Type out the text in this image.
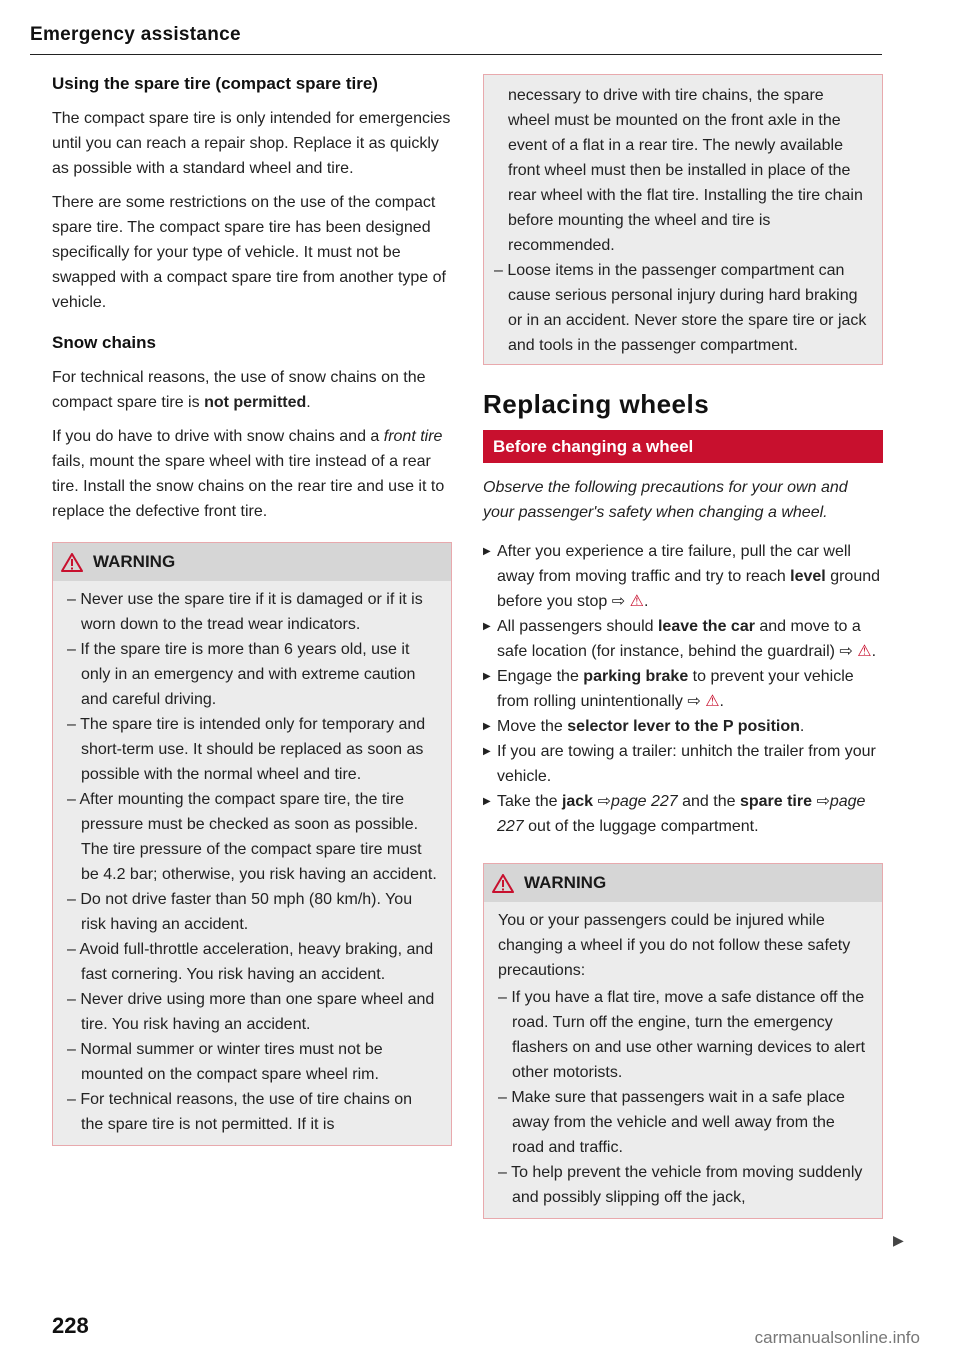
Emergency assistance
Using the spare tire (compact spare tire)

The compact spare tire is only intended for emergencies until you can reach a repair shop. Replace it as quickly as possible with a standard wheel and tire.

There are some restrictions on the use of the compact spare tire. The compact spare tire has been designed specifically for your type of vehicle. It must not be swapped with a compact spare tire from another type of vehicle.

Snow chains

For technical reasons, the use of snow chains on the compact spare tire is not permitted.

If you do have to drive with snow chains and a front tire fails, mount the spare wheel with tire instead of a rear tire. Install the snow chains on the rear tire and use it to replace the defective front tire.

WARNING
– Never use the spare tire if it is damaged or if it is worn down to the tread wear indicators.
– If the spare tire is more than 6 years old, use it only in an emergency and with extreme caution and careful driving.
– The spare tire is intended only for temporary and short-term use. It should be replaced as soon as possible with the normal wheel and tire.
– After mounting the compact spare tire, the tire pressure must be checked as soon as possible. The tire pressure of the compact spare tire must be 4.2 bar; otherwise, you risk having an accident.
– Do not drive faster than 50 mph (80 km/h). You risk having an accident.
– Avoid full-throttle acceleration, heavy braking, and fast cornering. You risk having an accident.
– Never drive using more than one spare wheel and tire. You risk having an accident.
– Normal summer or winter tires must not be mounted on the compact spare wheel rim.
– For technical reasons, the use of tire chains on the spare tire is not permitted. If it is

necessary to drive with tire chains, the spare wheel must be mounted on the front axle in the event of a flat in a rear tire. The newly available front wheel must then be installed in place of the rear wheel with the flat tire. Installing the tire chain before mounting the wheel and tire is recommended.

– Loose items in the passenger compartment can cause serious personal injury during hard braking or in an accident. Never store the spare tire or jack and tools in the passenger compartment.
Replacing wheels
Before changing a wheel

Observe the following precautions for your own and your passenger's safety when changing a wheel.

▶ After you experience a tire failure, pull the car well away from moving traffic and try to reach level ground before you stop ⇨ ⚠.
▶ All passengers should leave the car and move to a safe location (for instance, behind the guardrail) ⇨ ⚠.
▶ Engage the parking brake to prevent your vehicle from rolling unintentionally ⇨ ⚠.
▶ Move the selector lever to the P position.
▶ If you are towing a trailer: unhitch the trailer from your vehicle.
▶ Take the jack ⇨page 227 and the spare tire ⇨page 227 out of the luggage compartment.
WARNING

You or your passengers could be injured while changing a wheel if you do not follow these safety precautions:

– If you have a flat tire, move a safe distance off the road. Turn off the engine, turn the emergency flashers on and use other warning devices to alert other motorists.
– Make sure that passengers wait in a safe place away from the vehicle and well away from the road and traffic.
– To help prevent the vehicle from moving suddenly and possibly slipping off the jack,
▶
228	carmanualsonline.info
